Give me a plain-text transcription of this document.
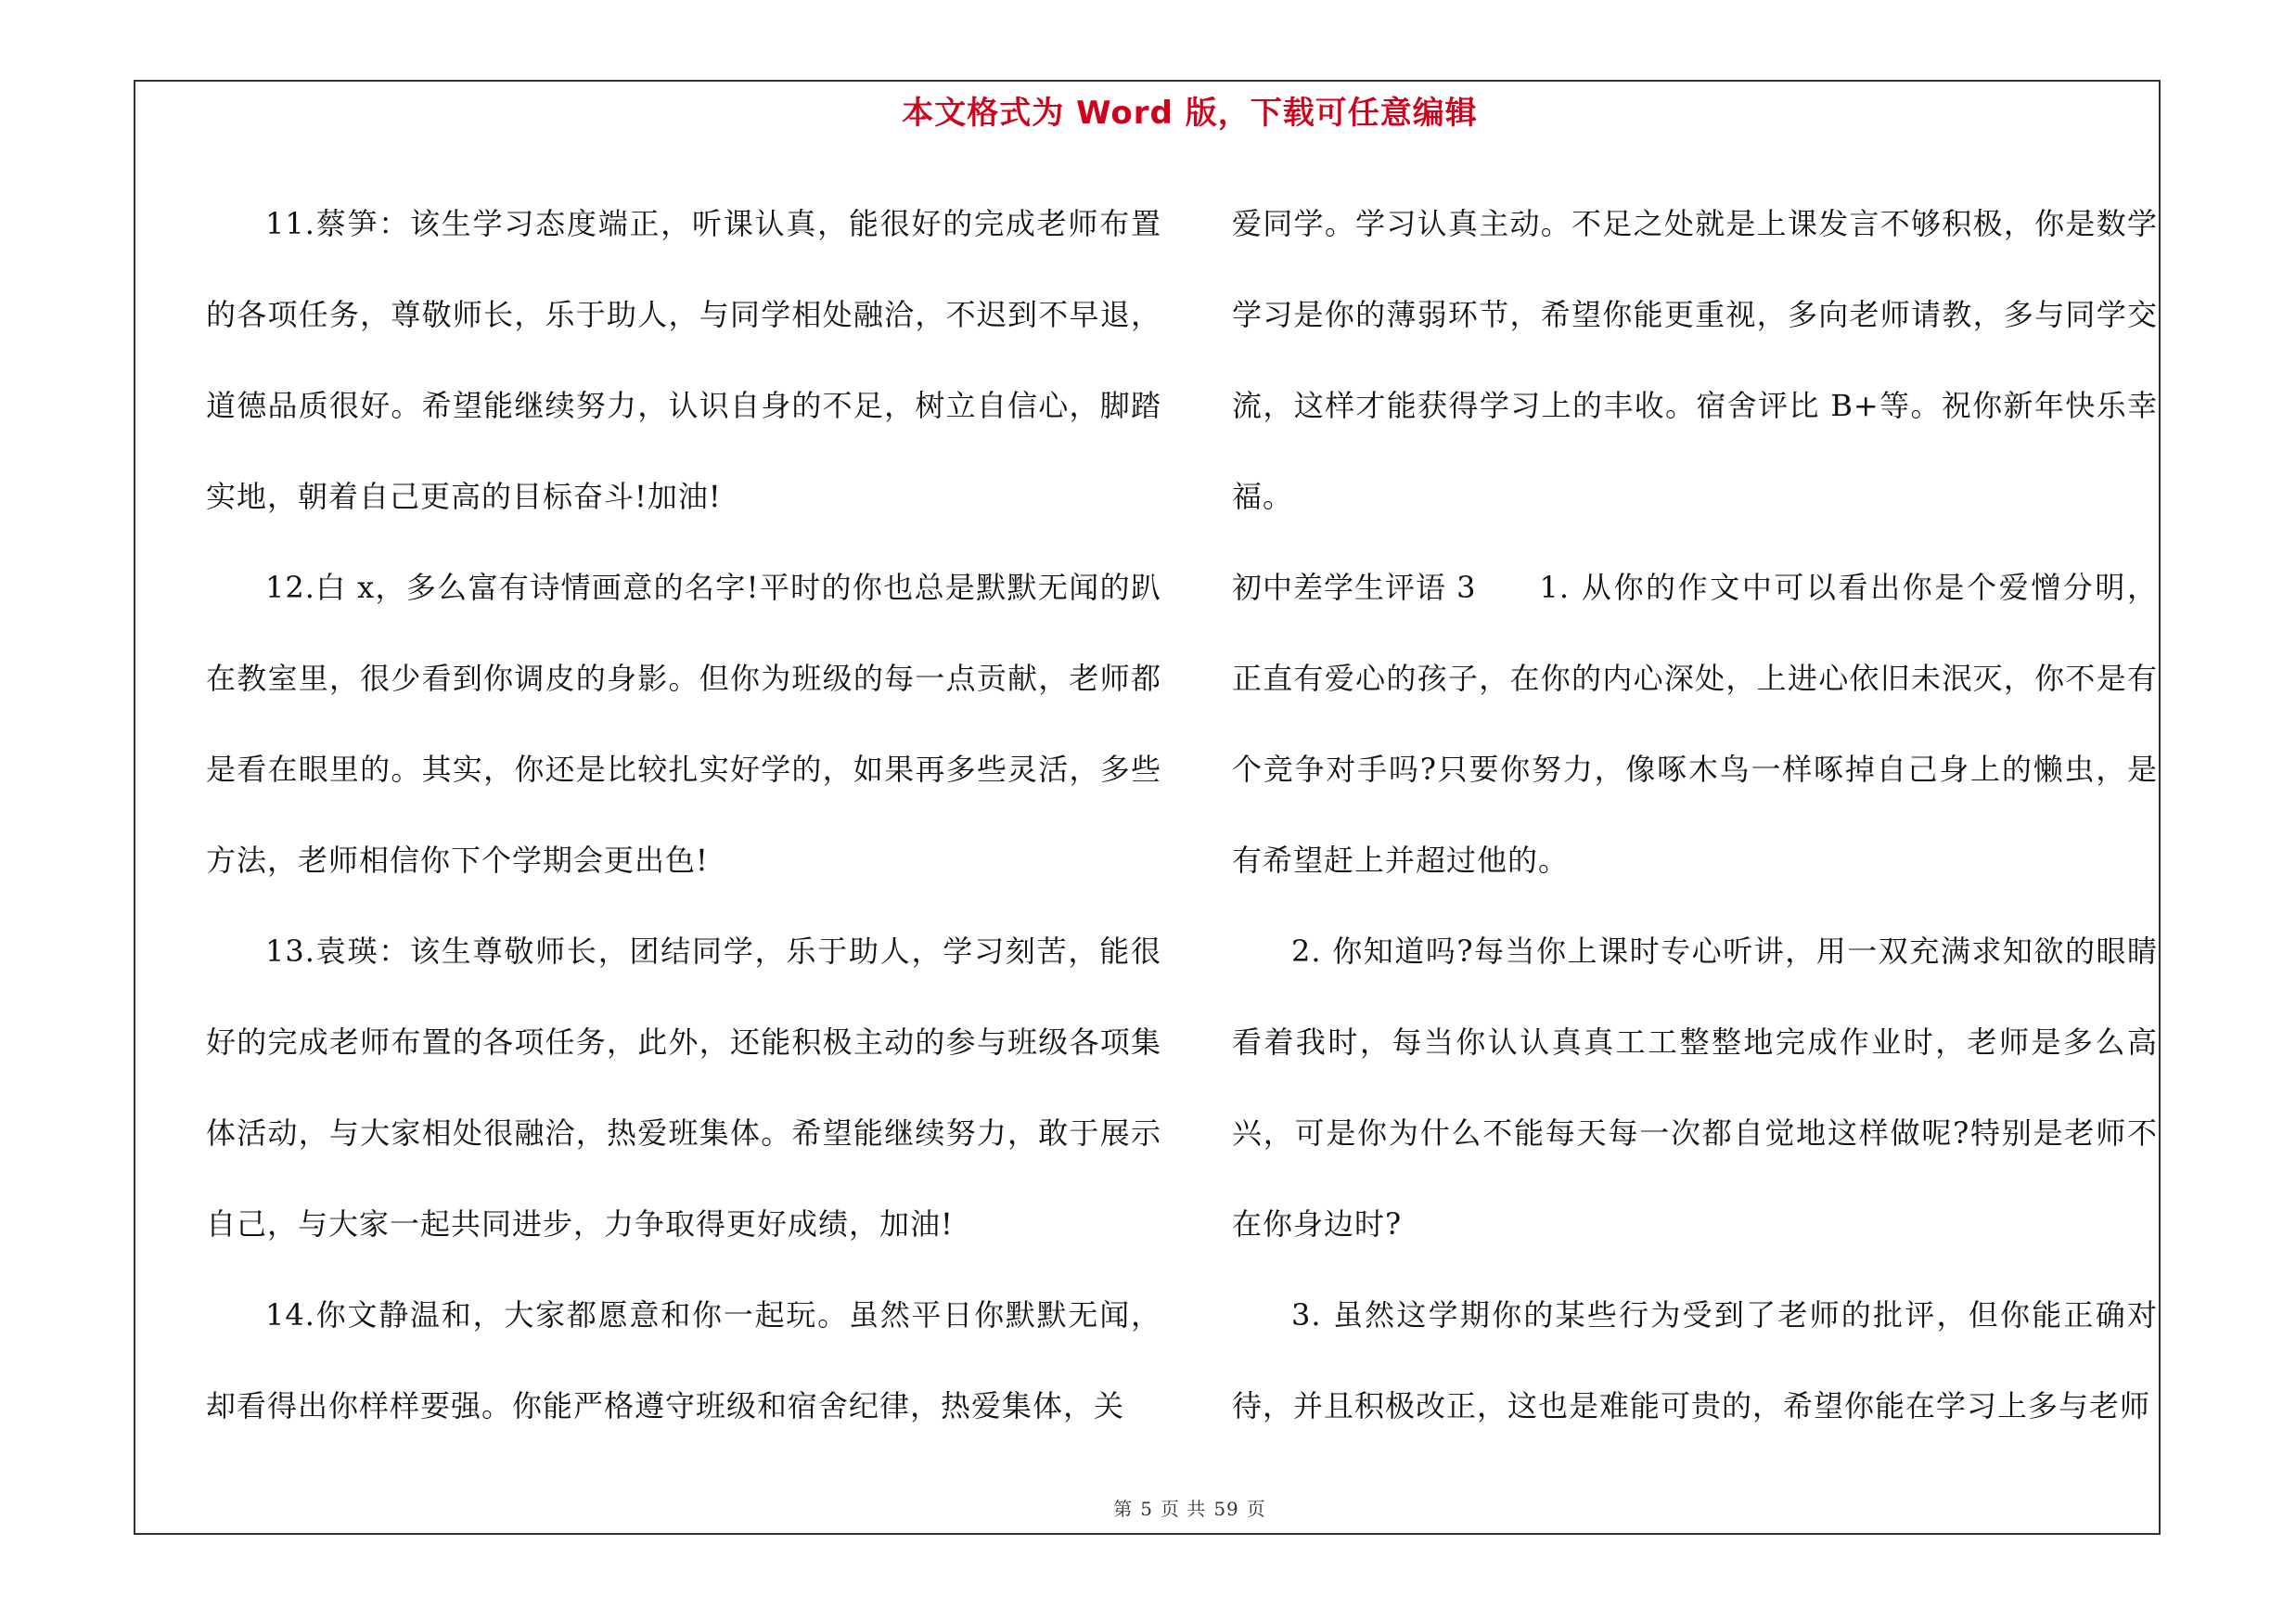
本文格式为 Word 版，下载可任意编辑

11.蔡笋：该生学习态度端正，听课认真，能很好的完成老师布置的各项任务，尊敬师长，乐于助人，与同学相处融洽，不迟到不早退，道德品质很好。希望能继续努力，认识自身的不足，树立自信心，脚踏实地，朝着自己更高的目标奋斗!加油!

12.白 x，多么富有诗情画意的名字!平时的你也总是默默无闻的趴在教室里，很少看到你调皮的身影。但你为班级的每一点贡献，老师都是看在眼里的。其实，你还是比较扎实好学的，如果再多些灵活，多些方法，老师相信你下个学期会更出色!

13.袁瑛：该生尊敬师长，团结同学，乐于助人，学习刻苦，能很好的完成老师布置的各项任务，此外，还能积极主动的参与班级各项集体活动，与大家相处很融洽，热爱班集体。希望能继续努力，敢于展示自己，与大家一起共同进步，力争取得更好成绩，加油!

14.你文静温和，大家都愿意和你一起玩。虽然平日你默默无闻，却看得出你样样要强。你能严格遵守班级和宿舍纪律，热爱集体，关

爱同学。学习认真主动。不足之处就是上课发言不够积极，你是数学学习是你的薄弱环节，希望你能更重视，多向老师请教，多与同学交流，这样才能获得学习上的丰收。宿舍评比 B+等。祝你新年快乐幸福。

初中差学生评语 3 1. 从你的作文中可以看出你是个爱憎分明，正直有爱心的孩子，在你的内心深处，上进心依旧未泯灭，你不是有个竞争对手吗?只要你努力，像啄木鸟一样啄掉自己身上的懒虫，是有希望赶上并超过他的。

2. 你知道吗?每当你上课时专心听讲，用一双充满求知欲的眼睛看着我时，每当你认认真真工工整整地完成作业时，老师是多么高兴，可是你为什么不能每天每一次都自觉地这样做呢?特别是老师不在你身边时?

3. 虽然这学期你的某些行为受到了老师的批评，但你能正确对待，并且积极改正，这也是难能可贵的，希望你能在学习上多与老师

第 5 页 共 59 页
